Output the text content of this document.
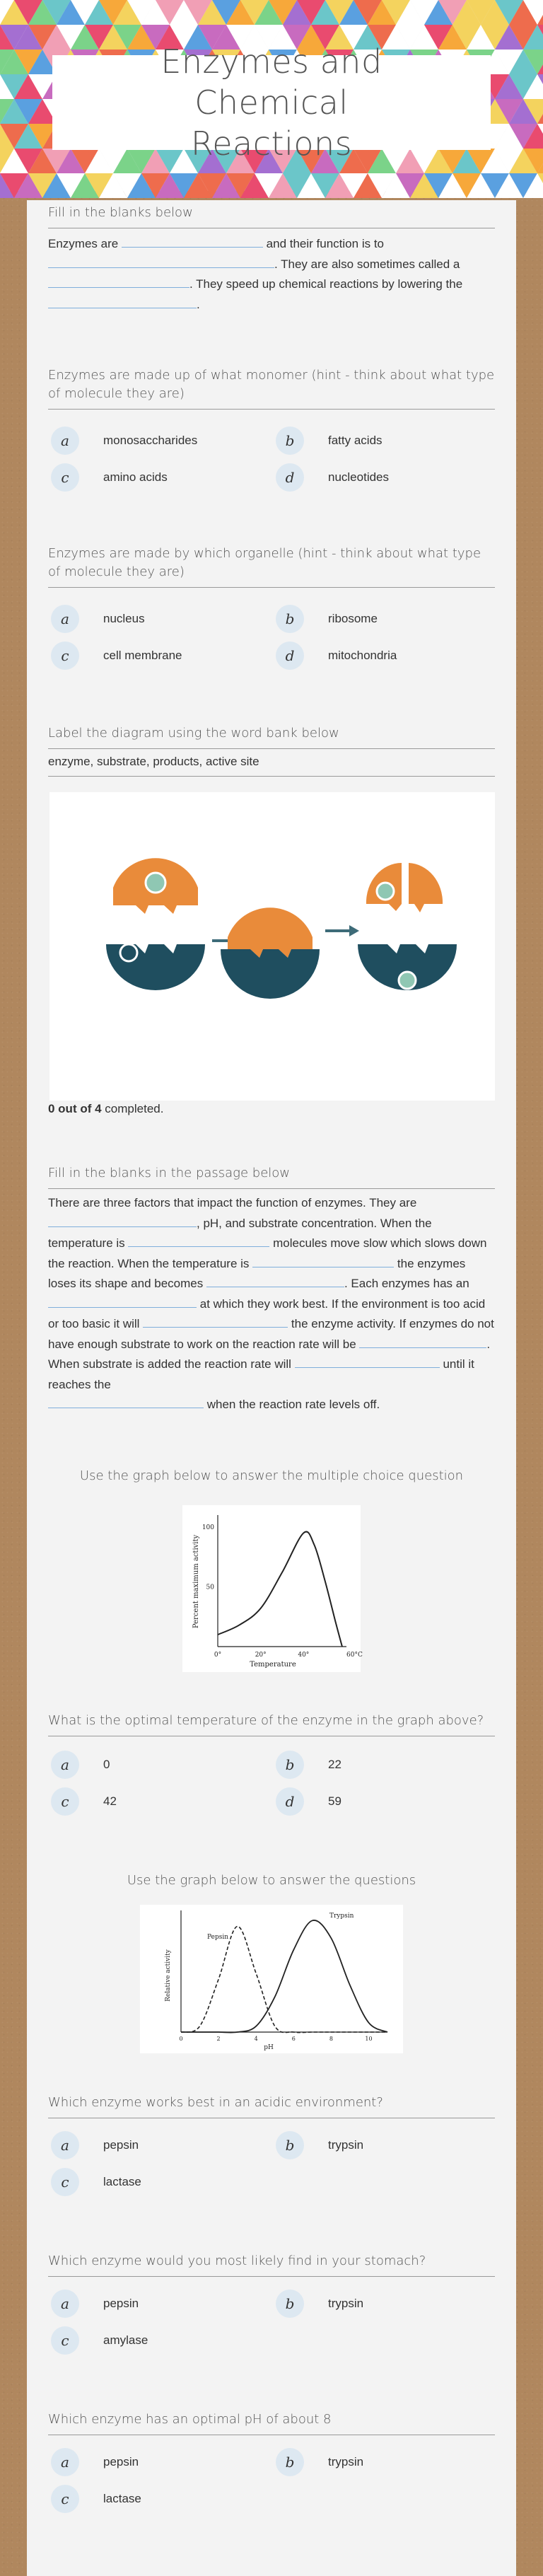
Enzymes and Chemical Reactions
Fill in the blanks below
Enzymes are	and their function is to
. They are also sometimes called a
. They speed up chemical reactions by lowering the .
Enzymes are made up of what monomer (hint - think about what type of molecule they are)
a	monosaccharides	b	fatty acids
c	amino acids	d	nucleotides
Enzymes are made by which organelle (hint - think about what type of molecule they are)
a	nucleus	b	ribosome
c	cell membrane	d	mitochondria
Label the diagram using the word bank below
enzyme, substrate, products, active site
0 out of 4 completed.
Fill in the blanks in the passage below
There are three factors that impact the function of enzymes. They are
, pH, and substrate concentration. When the temperature is	molecules move slow which slows down the reaction. When the temperature is	the enzymes loses its shape and becomes	. Each enzymes has an  at which they work best. If the environment is too acid or too basic it will	the enzyme activity. If enzymes do not have enough substrate to work on the reaction rate will be	. When substrate is added the reaction rate will	until it reaches the
when the reaction rate levels off.
Use the graph below to answer the multiple choice question
Percent maximum activity
Temperature
0°	20°	40°	60°C
50
100
What is the optimal temperature of the enzyme in the graph above?
a	0	b	22
c	42	d	59
Use the graph below to answer the questions
Relative activity
pH
0	2	4	6	8	10
Pepsin
Trypsin
Which enzyme works best in an acidic environment?
a	pepsin	b	trypsin
c	lactase
Which enzyme would you most likely find in your stomach?
a	pepsin	b	trypsin
c	amylase
Which enzyme has an optimal pH of about 8
a	pepsin	b	trypsin
c	lactase
